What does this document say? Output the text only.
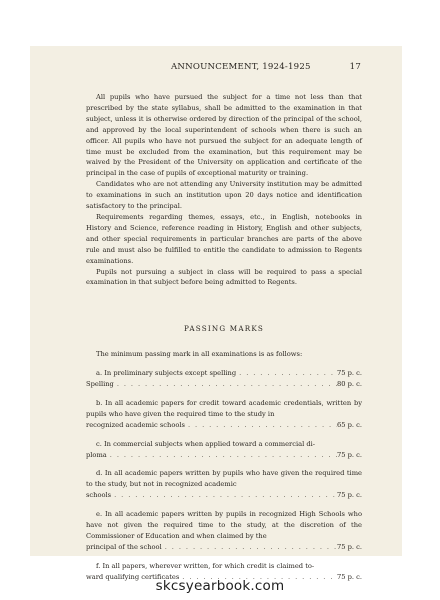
ANNOUNCEMENT, 1924-1925	17

All pupils who have pursued the subject for a time not less than that prescribed by the state syllabus, shall be admitted to the examination in that subject, unless it is otherwise ordered by direction of the principal of the school, and approved by the local superintendent of schools when there is such an officer. All pupils who have not pursued the subject for an adequate length of time must be excluded from the examination, but this requirement may be waived by the President of the University on application and certificate of the principal in the case of pupils of exceptional maturity or training.

Candidates who are not attending any University institution may be admitted to examinations in such an institution upon 20 days notice and identification satisfactory to the principal.

Requirements regarding themes, essays, etc., in English, notebooks in History and Science, reference reading in History, English and other subjects, and other special requirements in particular branches are parts of the above rule and must also be fulfilled to entitle the candidate to admission to Regents examinations.

Pupils not pursuing a subject in class will be required to pass a special examination in that subject before being admitted to Regents.

PASSING MARKS

The minimum passing mark in all examinations is as follows:

a. In preliminary subjects except spelling . . .	75 p. c.
Spelling . . .	80 p. c.

b. In all academic papers for credit toward academic credentials, written by pupils who have given the required time to the study in

recognized academic schools . . .	65 p. c.

c. In commercial subjects when applied toward a commercial di-

ploma . . .	75 p. c.

d. In all academic papers written by pupils who have given the required time to the study, but not in recognized academic

schools . . .	75 p. c.

e. In all academic papers written by pupils in recognized High Schools who have not given the required time to the study, at the discretion of the Commissioner of Education and when claimed by the

principal of the school . . .	75 p. c.

f. In all papers, wherever written, for which credit is claimed to-

ward qualifying certificates . . .	75 p. c.
skcsyearbook.com
